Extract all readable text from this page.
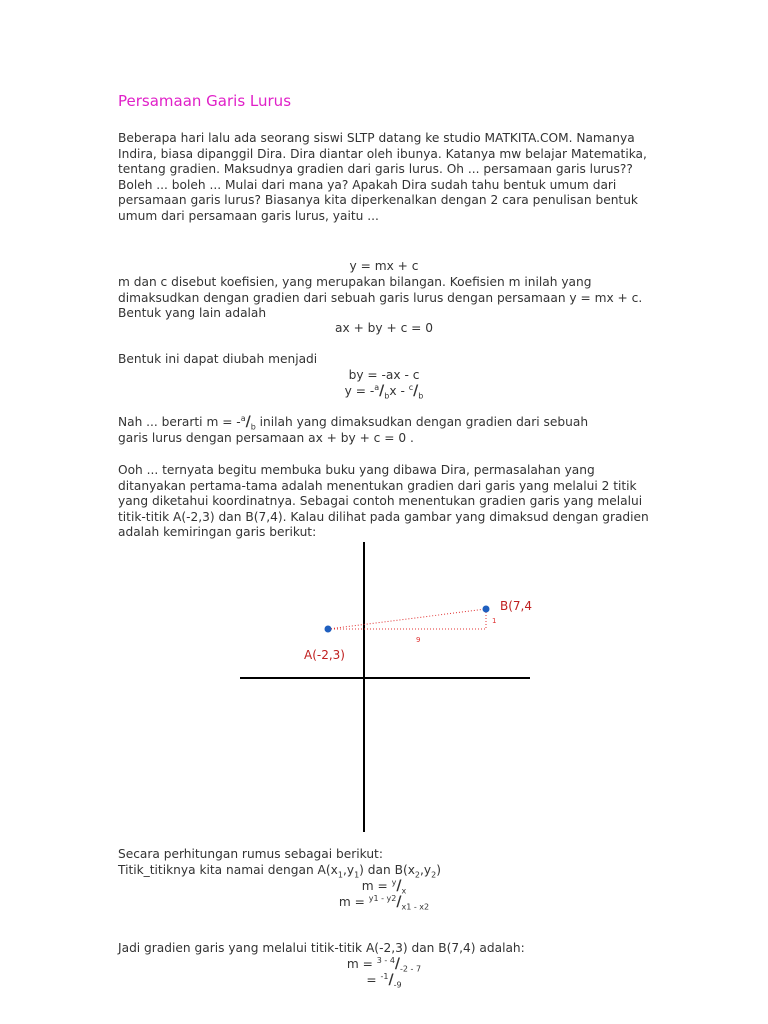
Persamaan Garis Lurus

Beberapa hari lalu ada seorang siswi SLTP datang ke studio MATKITA.COM. Namanya Indira, biasa dipanggil Dira. Dira diantar oleh ibunya. Katanya mw belajar Matematika, tentang gradien. Maksudnya gradien dari garis lurus. Oh ... persamaan garis lurus?? Boleh ... boleh ... Mulai dari mana ya? Apakah Dira sudah tahu bentuk umum dari persamaan garis lurus? Biasanya kita diperkenalkan dengan 2 cara penulisan bentuk umum dari persamaan garis lurus, yaitu ...

y = mx + c

m dan c disebut koefisien, yang merupakan bilangan. Koefisien m inilah yang dimaksudkan dengan gradien dari sebuah garis lurus dengan persamaan y = mx + c. Bentuk yang lain adalah

ax + by + c = 0

Bentuk ini dapat diubah menjadi

by = -ax - c

$y = -^a/_bx - ^c/_b$

Nah ... berarti $m = -^a/_b$ inilah yang dimaksudkan dengan gradien dari sebuah

garis lurus dengan persamaan ax + by + c = 0 .

Ooh ... ternyata begitu membuka buku yang dibawa Dira, permasalahan yang ditanyakan pertama-tama adalah menentukan gradien dari garis yang melalui 2 titik yang diketahui koordinatnya. Sebagai contoh menentukan gradien garis yang melalui titik-titik A(-2,3) dan B(7,4). Kalau dilihat pada gambar yang dimaksud dengan gradien adalah kemiringan garis berikut:

A(-2,3)
B(7,4
9
1

Secara perhitungan rumus sebagai berikut:

Titik_titiknya kita namai dengan $A(x_1,y_1)$ dan $B(x_2,y_2)$

$m = ^y/_x$

$m = ^{y1 - y2}/_{x1 - x2}$

Jadi gradien garis yang melalui titik-titik A(-2,3) dan B(7,4) adalah:

$m = ^{3 - 4}/_{-2 - 7}$

= $^{-1}/_{-9}$
